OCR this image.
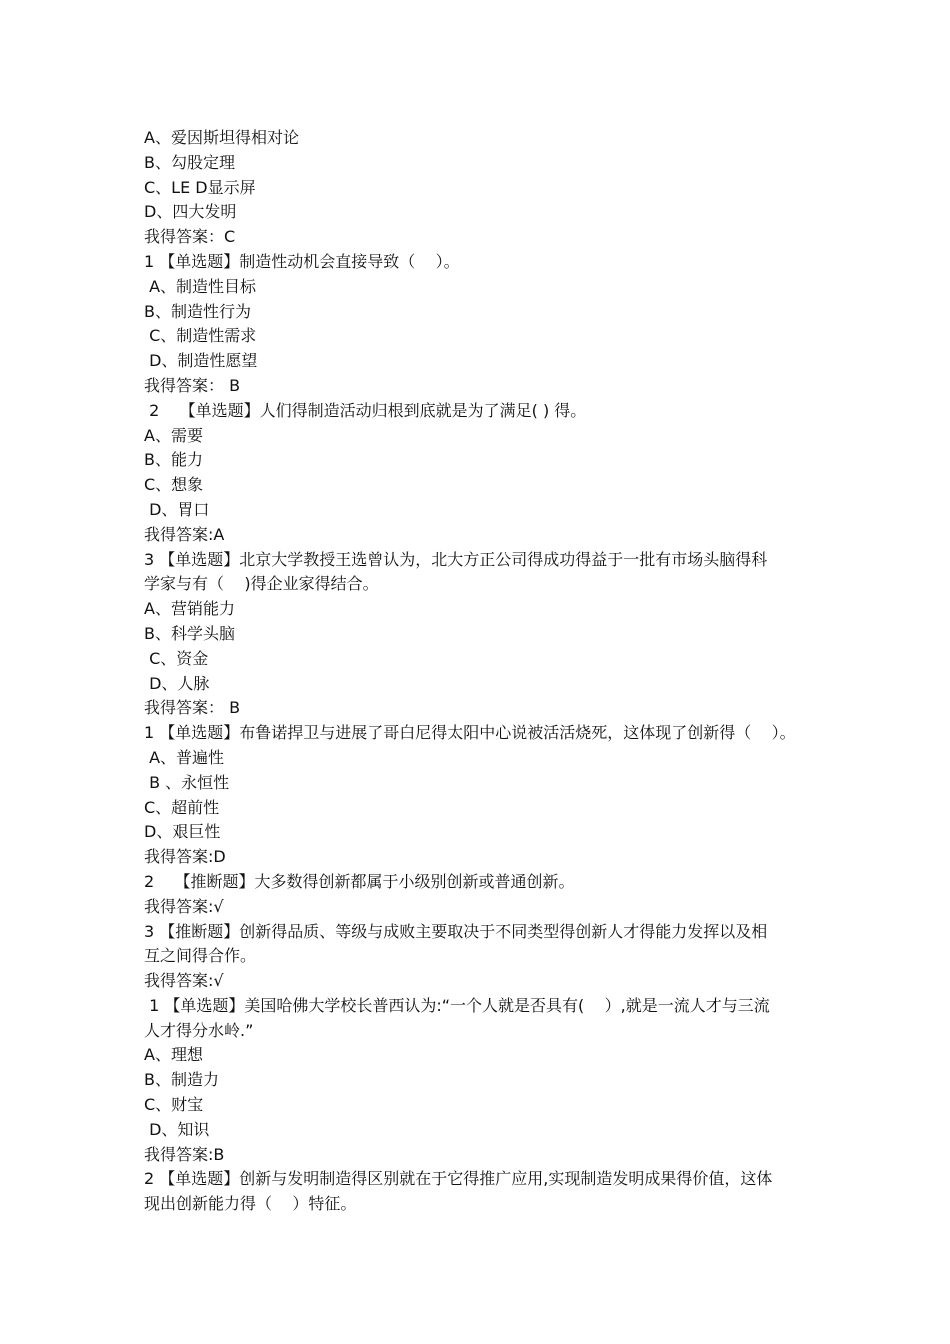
A、爱因斯坦得相对论
B、勾股定理
C、LE D显示屏
D、四大发明
我得答案：C
1 【单选题】制造性动机会直接导致（    ）。
A、制造性目标
B、制造性行为
C、制造性需求
D、制造性愿望
我得答案： B
2    【单选题】人们得制造活动归根到底就是为了满足( ) 得。
A、需要
B、能力
C、想象
D、胃口
我得答案:A
3 【单选题】北京大学教授王选曾认为，北大方正公司得成功得益于一批有市场头脑得科
学家与有（    )得企业家得结合。
A、营销能力
B、科学头脑
C、资金
D、人脉
我得答案： B
1 【单选题】布鲁诺捍卫与进展了哥白尼得太阳中心说被活活烧死，这体现了创新得（    ）。
A、普遍性
B 、永恒性
C、超前性
D、艰巨性
我得答案:D
2    【推断题】大多数得创新都属于小级别创新或普通创新。
我得答案:√
3 【推断题】创新得品质、等级与成败主要取决于不同类型得创新人才得能力发挥以及相
互之间得合作。
我得答案:√
1 【单选题】美国哈佛大学校长普西认为:“一个人就是否具有(    ）,就是一流人才与三流
人才得分水岭.”
A、理想
B、制造力
C、财宝
D、知识
我得答案:B
2 【单选题】创新与发明制造得区别就在于它得推广应用,实现制造发明成果得价值，这体
现出创新能力得（    ）特征。
